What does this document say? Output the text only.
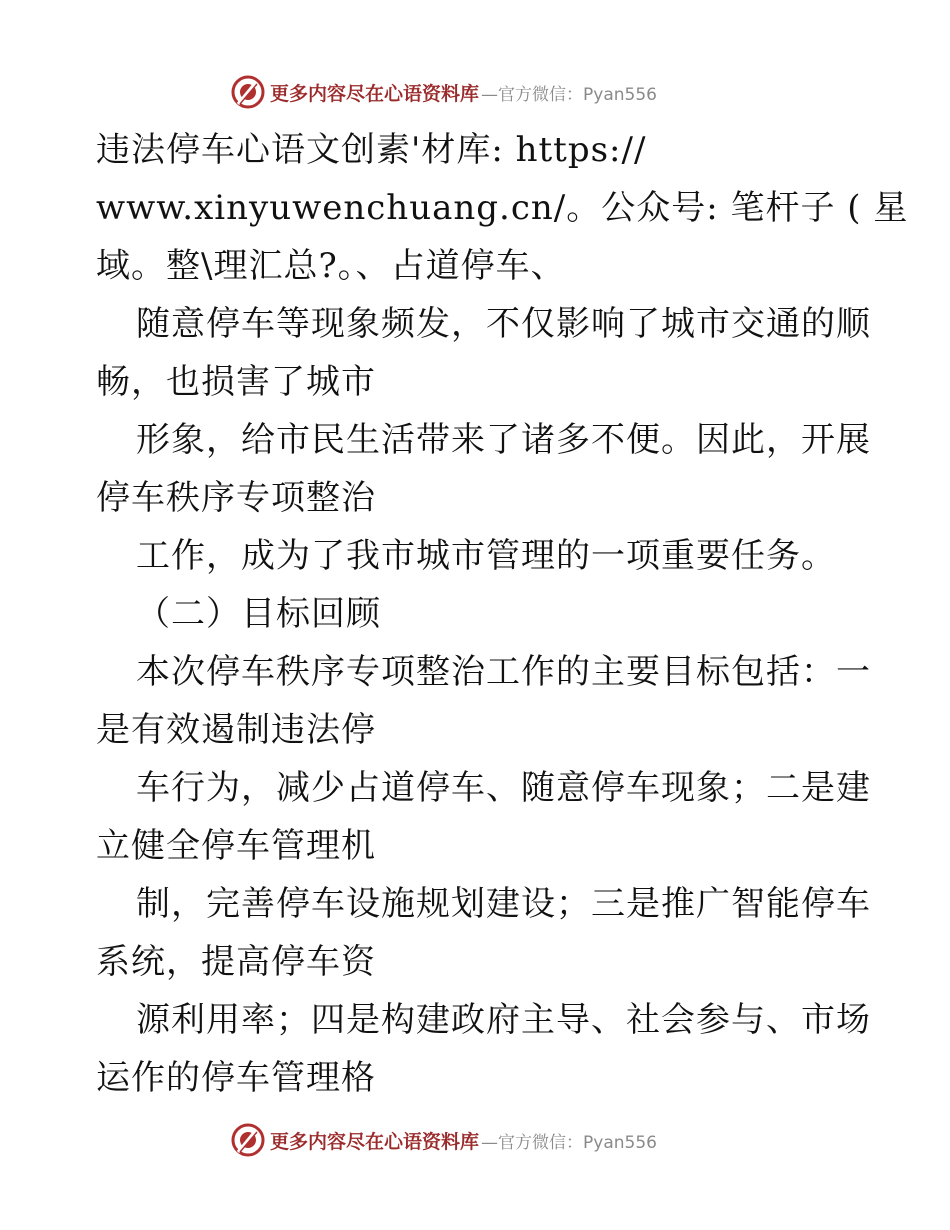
更多内容尽在心语资料库 —官方微信：Pyan556
违法停车心语文创素'材库: https://
www.xinyuwenchuang.cn/。公众号: 笔杆子 ( 星
域。整\理汇总?。、占道停车、
随意停车等现象频发，不仅影响了城市交通的顺
畅，也损害了城市
形象，给市民生活带来了诸多不便。因此，开展
停车秩序专项整治
工作，成为了我市城市管理的一项重要任务。
（二）目标回顾
本次停车秩序专项整治工作的主要目标包括：一
是有效遏制违法停
车行为，减少占道停车、随意停车现象；二是建
立健全停车管理机
制，完善停车设施规划建设；三是推广智能停车
系统，提高停车资
源利用率；四是构建政府主导、社会参与、市场
运作的停车管理格
更多内容尽在心语资料库 —官方微信：Pyan556
